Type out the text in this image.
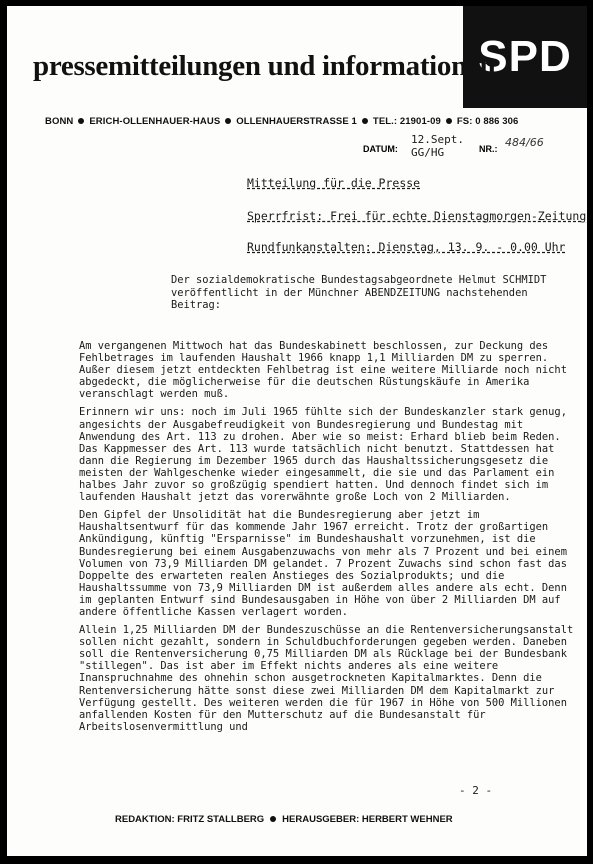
SPD
pressemitteilungen und informationen
BONN ERICH-OLLENHAUER-HAUS OLLENHAUERSTRASSE 1 TEL.: 21901-09 FS: 0 886 306
DATUM:
12.Sept.
GG/HG	NR.: 484/66
Mitteilung für die Presse
Sperrfrist: Frei für echte Dienstagmorgen-Zeitung
Rundfunkanstalten: Dienstag, 13. 9. - 0.00 Uhr
Der sozialdemokratische Bundestagsabgeordnete Helmut SCHMIDT veröffentlicht in der Münchner ABENDZEITUNG nachstehenden Beitrag:

Am vergangenen Mittwoch hat das Bundeskabinett beschlossen, zur Deckung des Fehlbetrages im laufenden Haushalt 1966 knapp 1,1 Milliarden DM zu sperren. Außer diesem jetzt entdeckten Fehlbetrag ist eine weitere Milliarde noch nicht abgedeckt, die möglicherweise für die deutschen Rüstungskäufe in Amerika veranschlagt werden muß.

Erinnern wir uns: noch im Juli 1965 fühlte sich der Bundeskanzler stark genug, angesichts der Ausgabefreudigkeit von Bundesregierung und Bundestag mit Anwendung des Art. 113 zu drohen. Aber wie so meist: Erhard blieb beim Reden. Das Kappmesser des Art. 113 wurde tatsächlich nicht benutzt. Stattdessen hat dann die Regierung im Dezember 1965 durch das Haushaltssicherungsgesetz die meisten der Wahlgeschenke wieder eingesammelt, die sie und das Parlament ein halbes Jahr zuvor so großzügig spendiert hatten. Und dennoch findet sich im laufenden Haushalt jetzt das vorerwähnte große Loch von 2 Milliarden.

Den Gipfel der Unsolidität hat die Bundesregierung aber jetzt im Haushaltsentwurf für das kommende Jahr 1967 erreicht. Trotz der großartigen Ankündigung, künftig "Ersparnisse" im Bundeshaushalt vorzunehmen, ist die Bundesregierung bei einem Ausgabenzuwachs von mehr als 7 Prozent und bei einem Volumen von 73,9 Milliarden DM gelandet. 7 Prozent Zuwachs sind schon fast das Doppelte des erwarteten realen Anstieges des Sozialprodukts; und die Haushaltssumme von 73,9 Milliarden DM ist außerdem alles andere als echt. Denn im geplanten Entwurf sind Bundesausgaben in Höhe von über 2 Milliarden DM auf andere öffentliche Kassen verlagert worden.

Allein 1,25 Milliarden DM der Bundeszuschüsse an die Rentenversicherungsanstalt sollen nicht gezahlt, sondern in Schuldbuchforderungen gegeben werden. Daneben soll die Rentenversicherung 0,75 Milliarden DM als Rücklage bei der Bundesbank "stillegen". Das ist aber im Effekt nichts anderes als eine weitere Inanspruchnahme des ohnehin schon ausgetrockneten Kapitalmarktes. Denn die Rentenversicherung hätte sonst diese zwei Milliarden DM dem Kapitalmarkt zur Verfügung gestellt. Des weiteren werden die für 1967 in Höhe von 500 Millionen anfallenden Kosten für den Mutterschutz auf die Bundesanstalt für Arbeitslosenvermittlung und

- 2 -
REDAKTION: FRITZ STALLBERG HERAUSGEBER: HERBERT WEHNER
